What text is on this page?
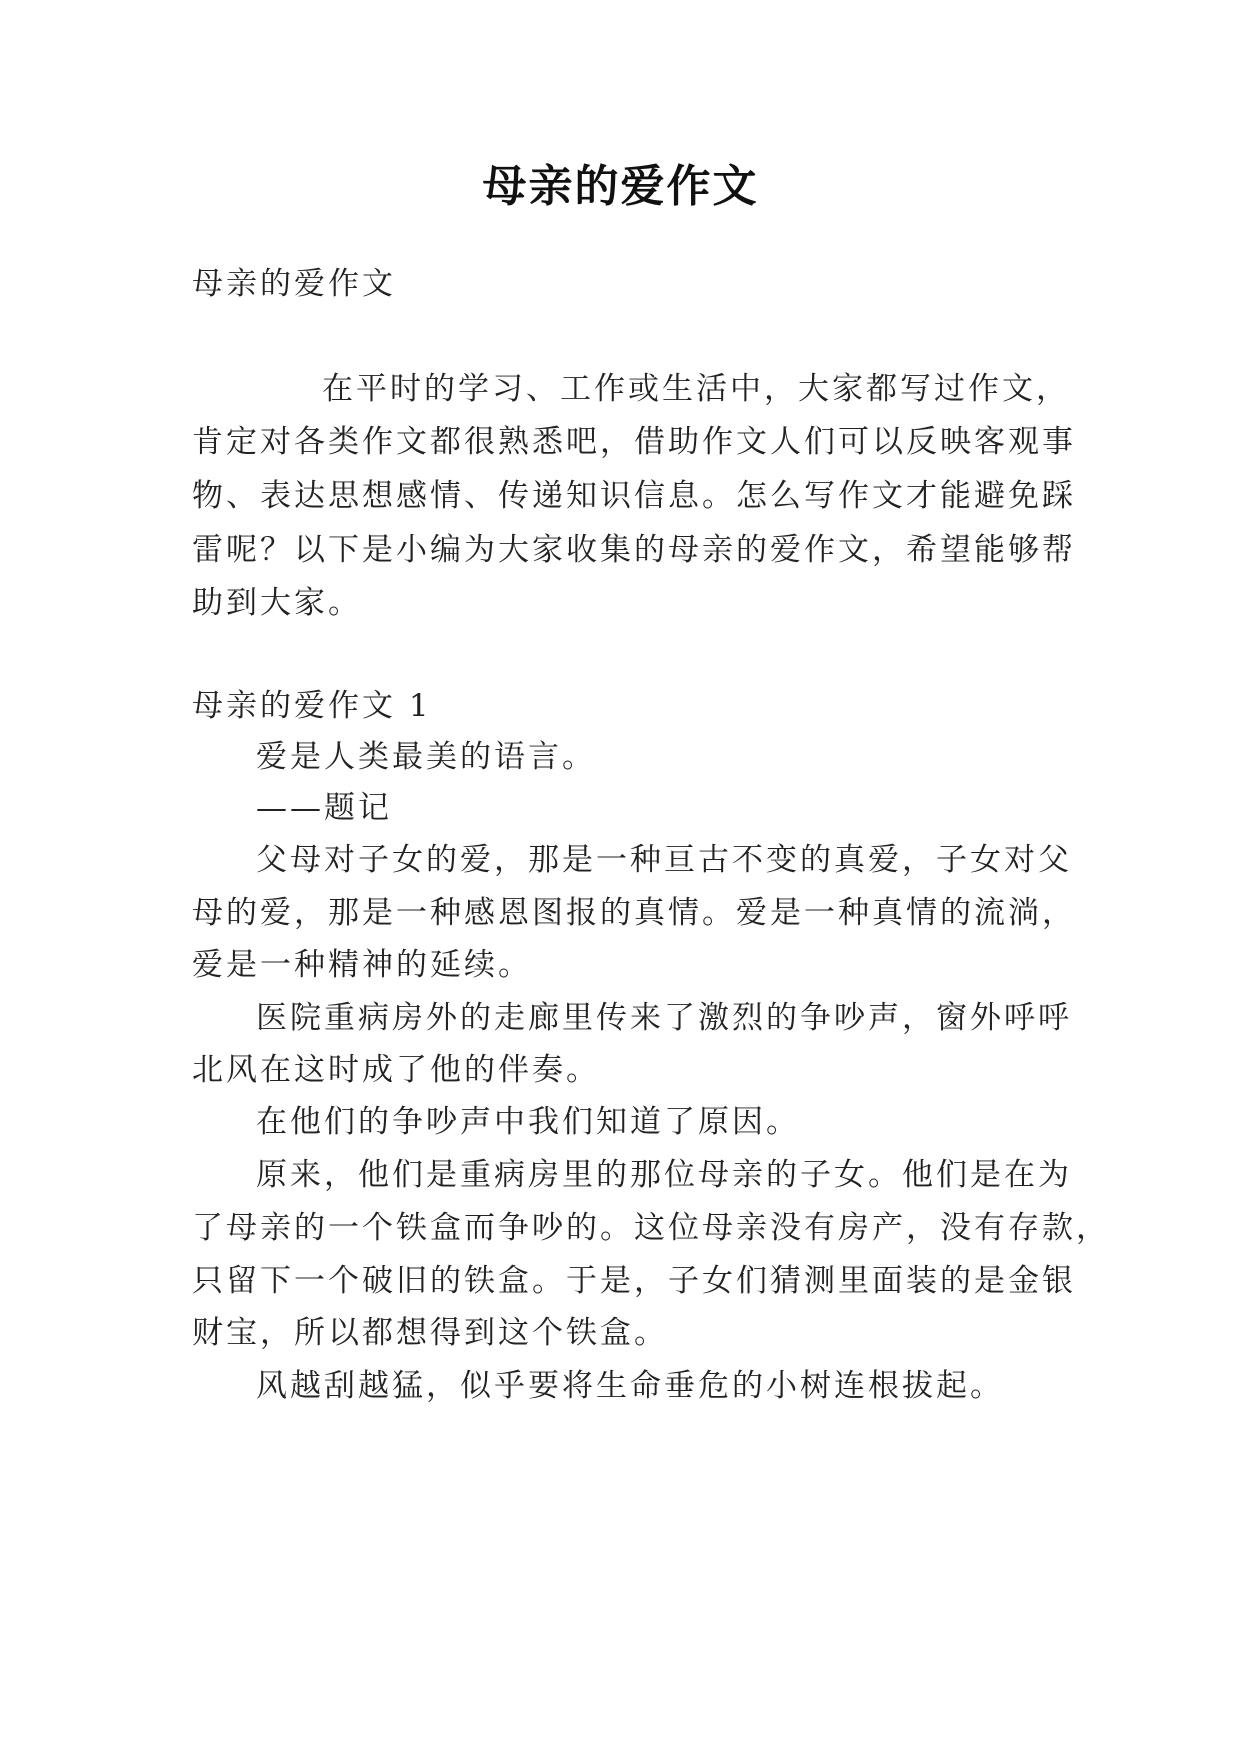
母亲的爱作文

母亲的爱作文

在平时的学习、工作或生活中，大家都写过作文，

肯定对各类作文都很熟悉吧，借助作文人们可以反映客观事

物、表达思想感情、传递知识信息。怎么写作文才能避免踩

雷呢？以下是小编为大家收集的母亲的爱作文，希望能够帮

助到大家。

母亲的爱作文 1

爱是人类最美的语言。

——题记

父母对子女的爱，那是一种亘古不变的真爱，子女对父

母的爱，那是一种感恩图报的真情。爱是一种真情的流淌，

爱是一种精神的延续。

医院重病房外的走廊里传来了激烈的争吵声，窗外呼呼

北风在这时成了他的伴奏。

在他们的争吵声中我们知道了原因。

原来，他们是重病房里的那位母亲的子女。他们是在为

了母亲的一个铁盒而争吵的。这位母亲没有房产，没有存款，

只留下一个破旧的铁盒。于是，子女们猜测里面装的是金银

财宝，所以都想得到这个铁盒。

风越刮越猛，似乎要将生命垂危的小树连根拔起。
